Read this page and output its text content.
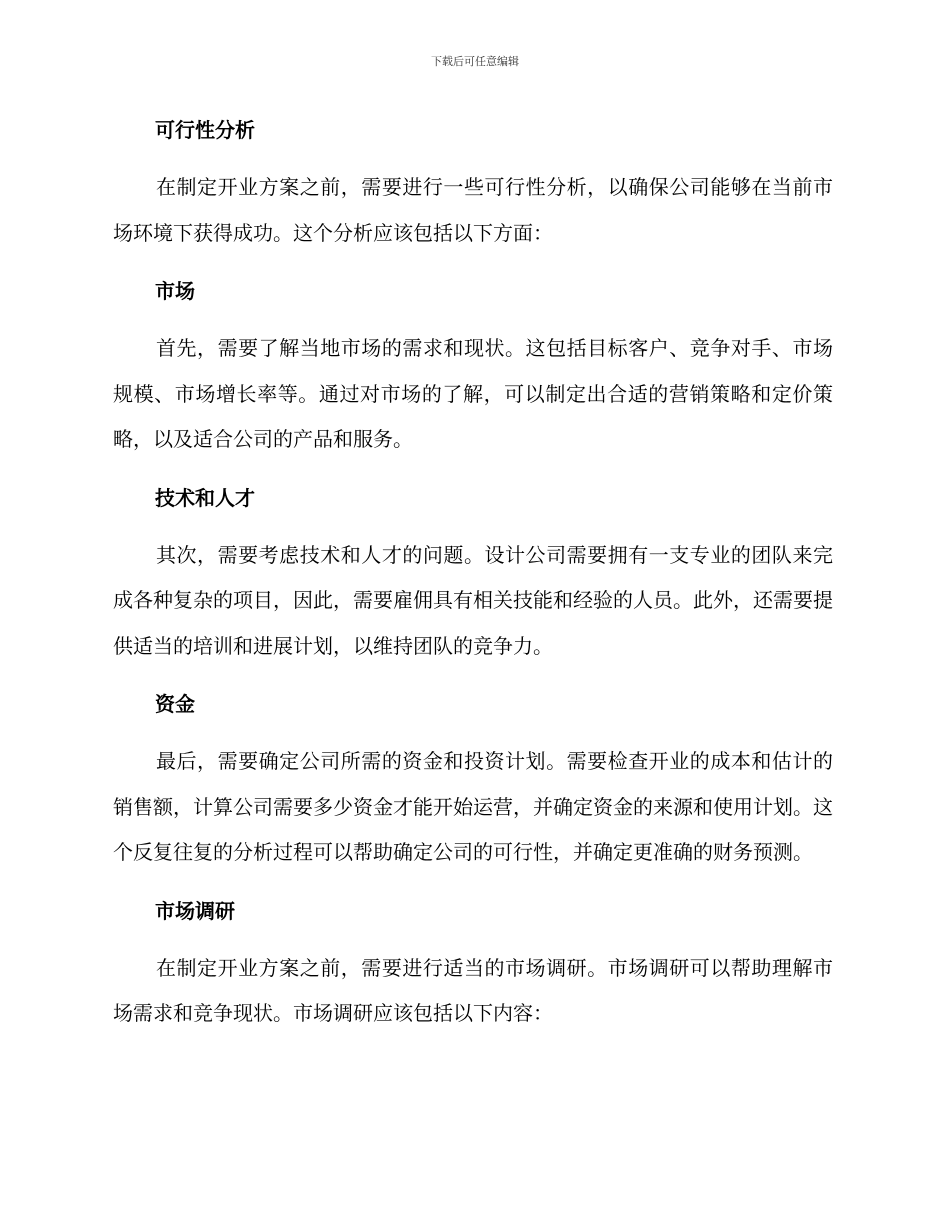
下载后可任意编辑
可行性分析

在制定开业方案之前，需要进行一些可行性分析，以确保公司能够在当前市场环境下获得成功。这个分析应该包括以下方面：

市场

首先，需要了解当地市场的需求和现状。这包括目标客户、竞争对手、市场规模、市场增长率等。通过对市场的了解，可以制定出合适的营销策略和定价策略，以及适合公司的产品和服务。

技术和人才

其次，需要考虑技术和人才的问题。设计公司需要拥有一支专业的团队来完成各种复杂的项目，因此，需要雇佣具有相关技能和经验的人员。此外，还需要提供适当的培训和进展计划，以维持团队的竞争力。

资金

最后，需要确定公司所需的资金和投资计划。需要检查开业的成本和估计的销售额，计算公司需要多少资金才能开始运营，并确定资金的来源和使用计划。这个反复往复的分析过程可以帮助确定公司的可行性，并确定更准确的财务预测。

市场调研

在制定开业方案之前，需要进行适当的市场调研。市场调研可以帮助理解市场需求和竞争现状。市场调研应该包括以下内容：
